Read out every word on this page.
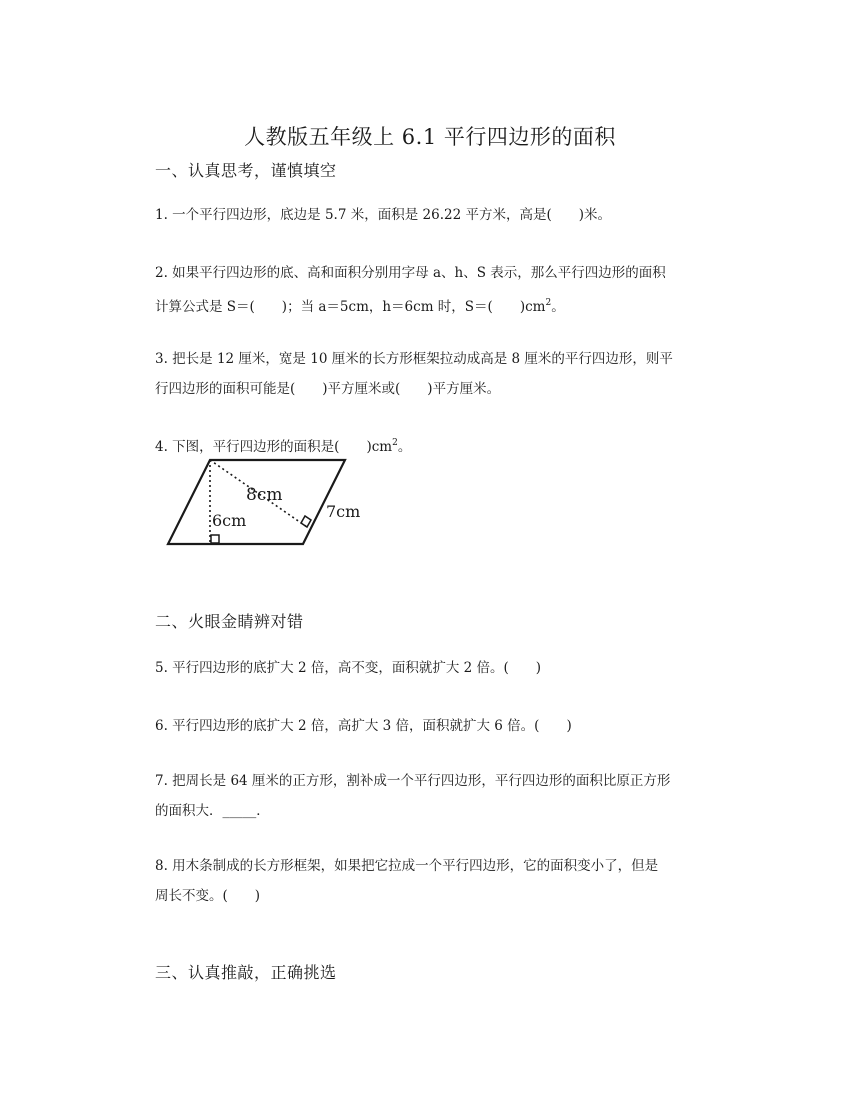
人教版五年级上 6.1 平行四边形的面积

一、认真思考，谨慎填空

1. 一个平行四边形，底边是 5.7 米，面积是 26.22 平方米，高是(　　)米。

2. 如果平行四边形的底、高和面积分别用字母 a、h、S 表示，那么平行四边形的面积
计算公式是 S＝(　　)；当 a＝5cm，h＝6cm 时，S＝(　　)$cm^2$。
3. 把长是 12 厘米，宽是 10 厘米的长方形框架拉动成高是 8 厘米的平行四边形，则平
行四边形的面积可能是(　　)平方厘米或(　　)平方厘米。
4. 下图，平行四边形的面积是(　　)$cm^2$。
8cm
7cm
6cm

二、火眼金睛辨对错

5. 平行四边形的底扩大 2 倍，高不变，面积就扩大 2 倍。(　　)

6. 平行四边形的底扩大 2 倍，高扩大 3 倍，面积就扩大 6 倍。(　　)

7. 把周长是 64 厘米的正方形，割补成一个平行四边形，平行四边形的面积比原正方形
的面积大．_____．
8. 用木条制成的长方形框架，如果把它拉成一个平行四边形，它的面积变小了，但是
周长不变。(　　)

三、认真推敲，正确挑选
